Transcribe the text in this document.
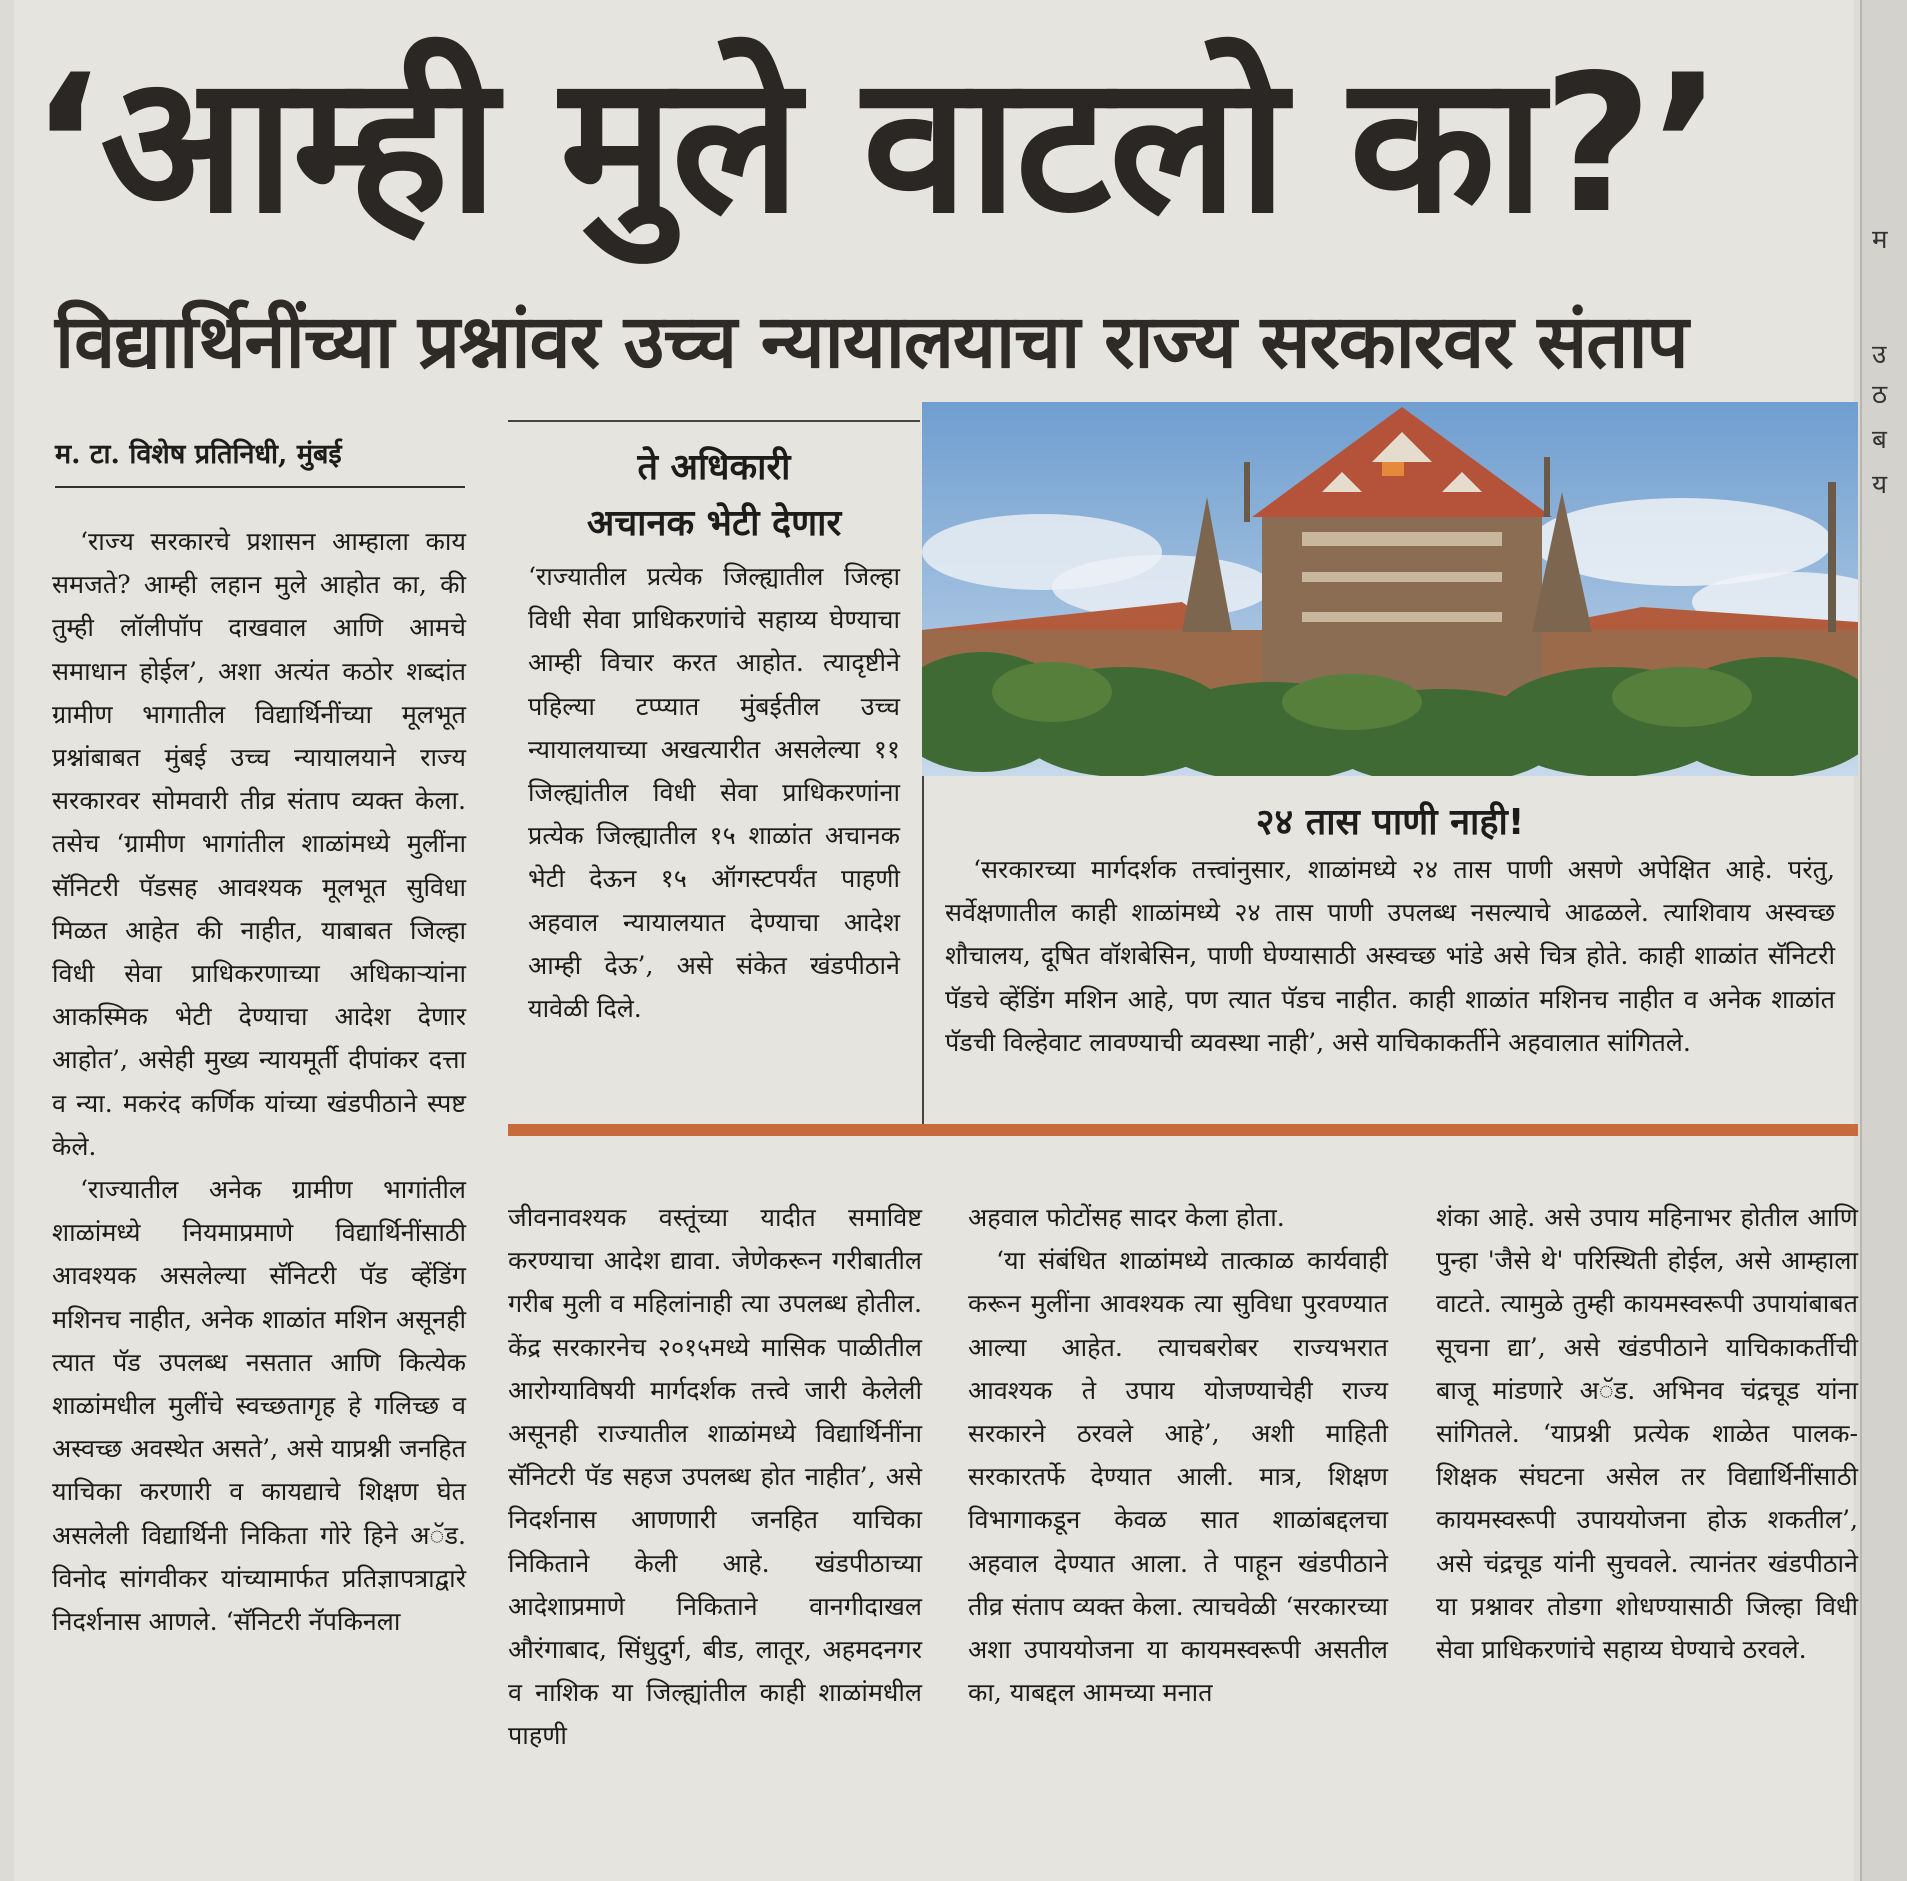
म
उ
ठ
ब
य
‘आम्ही मुले वाटलो का?’
विद्यार्थिनींच्या प्रश्नांवर उच्च न्यायालयाचा राज्य सरकारवर संताप
म. टा. विशेष प्रतिनिधी, मुंबई

‘राज्य सरकारचे प्रशासन आम्हाला काय समजते? आम्ही लहान मुले आहोत का, की तुम्ही लॉलीपॉप दाखवाल आणि आमचे समाधान होईल’, अशा अत्यंत कठोर शब्दांत ग्रामीण भागातील विद्यार्थिनींच्या मूलभूत प्रश्नांबाबत मुंबई उच्च न्यायालयाने राज्य सरकारवर सोमवारी तीव्र संताप व्यक्त केला. तसेच ‘ग्रामीण भागांतील शाळांमध्ये मुलींना सॅनिटरी पॅडसह आवश्यक मूलभूत सुविधा मिळत आहेत की नाहीत, याबाबत जिल्हा विधी सेवा प्राधिकरणाच्या अधिकाऱ्यांना आकस्मिक भेटी देण्याचा आदेश देणार आहोत’, असेही मुख्य न्यायमूर्ती दीपांकर दत्ता व न्या. मकरंद कर्णिक यांच्या खंडपीठाने स्पष्ट केले.

‘राज्यातील अनेक ग्रामीण भागांतील शाळांमध्ये नियमाप्रमाणे विद्यार्थिनींसाठी आवश्यक असलेल्या सॅनिटरी पॅड व्हेंडिंग मशिनच नाहीत, अनेक शाळांत मशिन असूनही त्यात पॅड उपलब्ध नसतात आणि कित्येक शाळांमधील मुलींचे स्वच्छतागृह हे गलिच्छ व अस्वच्छ अवस्थेत असते’, असे याप्रश्नी जनहित याचिका करणारी व कायद्याचे शिक्षण घेत असलेली विद्यार्थिनी निकिता गोरे हिने अॅड. विनोद सांगवीकर यांच्यामार्फत प्रतिज्ञापत्राद्वारे निदर्शनास आणले. ‘सॅनिटरी नॅपकिनला

ते अधिकारी
अचानक भेटी देणार

‘राज्यातील प्रत्येक जिल्ह्यातील जिल्हा विधी सेवा प्राधिकरणांचे सहाय्य घेण्याचा आम्ही विचार करत आहोत. त्यादृष्टीने पहिल्या टप्प्यात मुंबईतील उच्च न्यायालयाच्या अखत्यारीत असलेल्या ११ जिल्ह्यांतील विधी सेवा प्राधिकरणांना प्रत्येक जिल्ह्यातील १५ शाळांत अचानक भेटी देऊन १५ ऑगस्टपर्यंत पाहणी अहवाल न्यायालयात देण्याचा आदेश आम्ही देऊ’, असे संकेत खंडपीठाने यावेळी दिले.

२४ तास पाणी नाही!

‘सरकारच्या मार्गदर्शक तत्त्वांनुसार, शाळांमध्ये २४ तास पाणी असणे अपेक्षित आहे. परंतु, सर्वेक्षणातील काही शाळांमध्ये २४ तास पाणी उपलब्ध नसल्याचे आढळले. त्याशिवाय अस्वच्छ शौचालय, दूषित वॉशबेसिन, पाणी घेण्यासाठी अस्वच्छ भांडे असे चित्र होते. काही शाळांत सॅनिटरी पॅडचे व्हेंडिंग मशिन आहे, पण त्यात पॅडच नाहीत. काही शाळांत मशिनच नाहीत व अनेक शाळांत पॅडची विल्हेवाट लावण्याची व्यवस्था नाही’, असे याचिकाकर्तीने अहवालात सांगितले.

जीवनावश्यक वस्तूंच्या यादीत समाविष्ट करण्याचा आदेश द्यावा. जेणेकरून गरीबातील गरीब मुली व महिलांनाही त्या उपलब्ध होतील. केंद्र सरकारनेच २०१५मध्ये मासिक पाळीतील आरोग्याविषयी मार्गदर्शक तत्त्वे जारी केलेली असूनही राज्यातील शाळांमध्ये विद्यार्थिनींना सॅनिटरी पॅड सहज उपलब्ध होत नाहीत’, असे निदर्शनास आणणारी जनहित याचिका निकिताने केली आहे. खंडपीठाच्या आदेशाप्रमाणे निकिताने वानगीदाखल औरंगाबाद, सिंधुदुर्ग, बीड, लातूर, अहमदनगर व नाशिक या जिल्ह्यांतील काही शाळांमधील पाहणी

अहवाल फोटोंसह सादर केला होता.

‘या संबंधित शाळांमध्ये तात्काळ कार्यवाही करून मुलींना आवश्यक त्या सुविधा पुरवण्यात आल्या आहेत. त्याचबरोबर राज्यभरात आवश्यक ते उपाय योजण्याचेही राज्य सरकारने ठरवले आहे’, अशी माहिती सरकारतर्फे देण्यात आली. मात्र, शिक्षण विभागाकडून केवळ सात शाळांबद्दलचा अहवाल देण्यात आला. ते पाहून खंडपीठाने तीव्र संताप व्यक्त केला. त्याचवेळी ‘सरकारच्या अशा उपाययोजना या कायमस्वरूपी असतील का, याबद्दल आमच्या मनात

शंका आहे. असे उपाय महिनाभर होतील आणि पुन्हा 'जैसे थे' परिस्थिती होईल, असे आम्हाला वाटते. त्यामुळे तुम्ही कायमस्वरूपी उपायांबाबत सूचना द्या’, असे खंडपीठाने याचिकाकर्तीची बाजू मांडणारे अॅड. अभिनव चंद्रचूड यांना सांगितले. ‘याप्रश्नी प्रत्येक शाळेत पालक-शिक्षक संघटना असेल तर विद्यार्थिनींसाठी कायमस्वरूपी उपाययोजना होऊ शकतील’, असे चंद्रचूड यांनी सुचवले. त्यानंतर खंडपीठाने या प्रश्नावर तोडगा शोधण्यासाठी जिल्हा विधी सेवा प्राधिकरणांचे सहाय्य घेण्याचे ठरवले.
